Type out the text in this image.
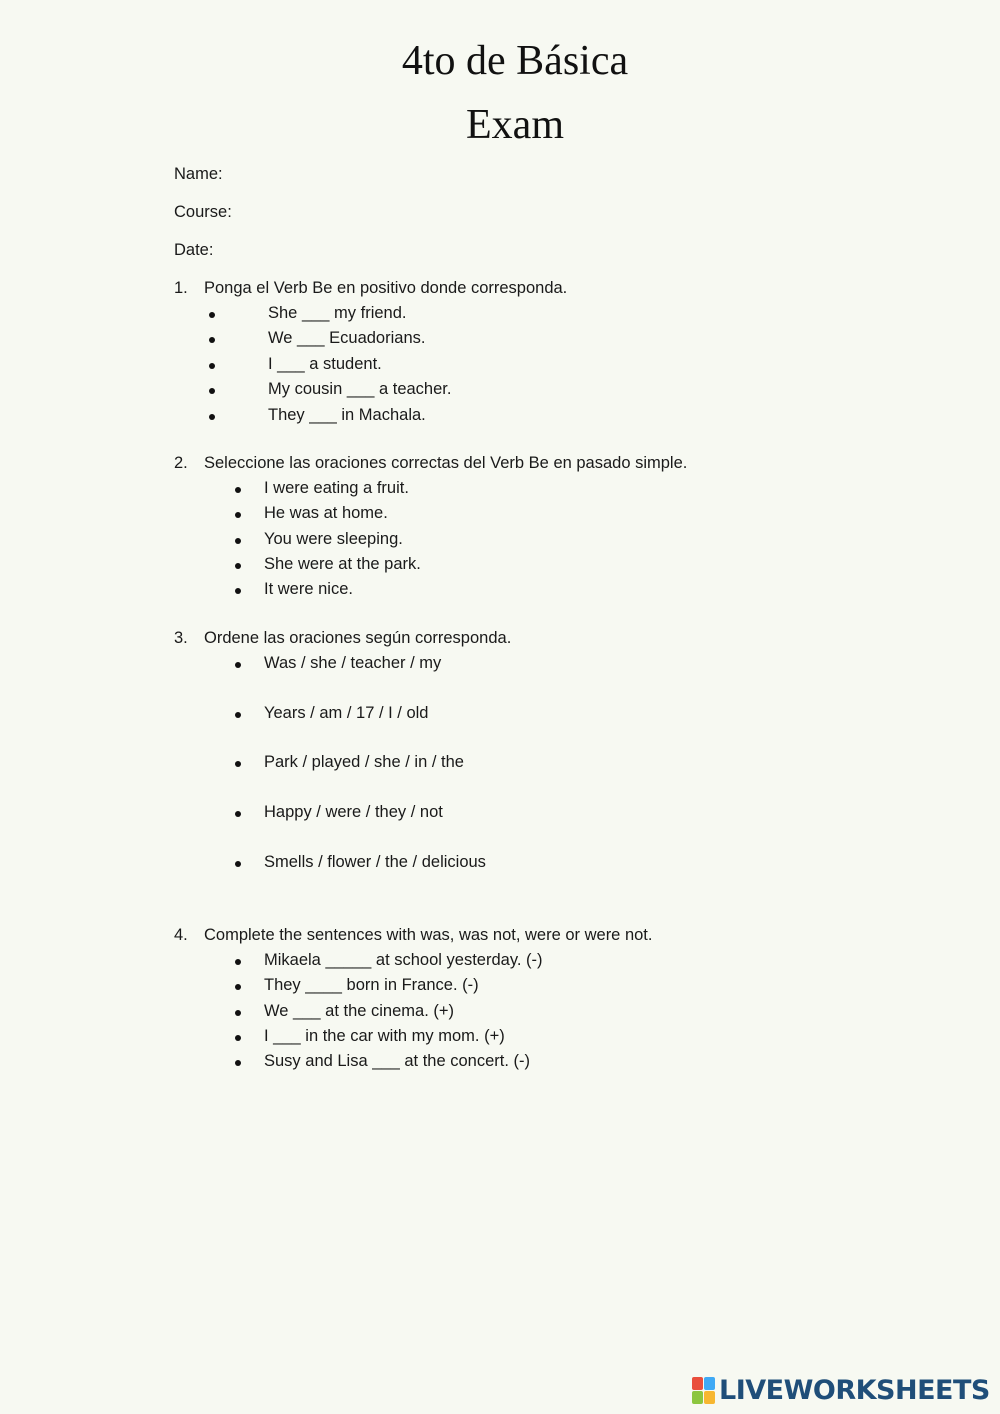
4to de Básica
Exam

Name:

Course:

Date:

1. Ponga el Verb Be en positivo donde corresponda.

She ___ my friend.
We ___ Ecuadorians.
I ___ a student.
My cousin ___ a teacher.
They ___ in Machala.

2. Seleccione las oraciones correctas del Verb Be en pasado simple.

I were eating a fruit.
He was at home.
You were sleeping.
She were at the park.
It were nice.

3. Ordene las oraciones según corresponda.

Was / she / teacher / my
Years / am / 17 / I / old
Park / played / she / in / the
Happy / were / they / not
Smells / flower / the / delicious

4. Complete the sentences with was, was not, were or were not.

Mikaela _____ at school yesterday. (-)
They ____ born in France. (-)
We ___ at the cinema. (+)
I ___ in the car with my mom. (+)
Susy and Lisa ___ at the concert. (-)
LIVEWORKSHEETS
